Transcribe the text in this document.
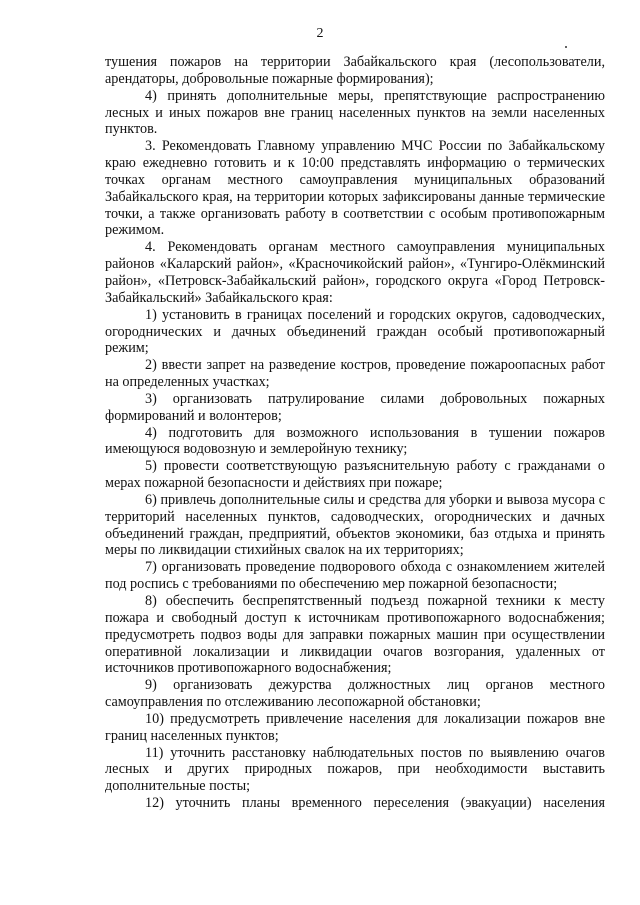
2

тушения пожаров на территории Забайкальского края (лесопользователи, арендаторы, добровольные пожарные формирования);

4) принять дополнительные меры, препятствующие распространению лесных и иных пожаров вне границ населенных пунктов на земли населенных пунктов.

3. Рекомендовать Главному управлению МЧС России по Забайкальскому краю ежедневно готовить и к 10:00 представлять информацию о термических точках органам местного самоуправления муниципальных образований Забайкальского края, на территории которых зафиксированы данные термические точки, а также организовать работу в соответствии с особым противопожарным режимом.

4. Рекомендовать органам местного самоуправления муниципальных районов «Каларский район», «Красночикойский район», «Тунгиро-Олёкминский район», «Петровск-Забайкальский район», городского округа «Город Петровск-Забайкальский» Забайкальского края:

1) установить в границах поселений и городских округов, садоводческих, огороднических и дачных объединений граждан особый противопожарный режим;

2) ввести запрет на разведение костров, проведение пожароопасных работ на определенных участках;

3) организовать патрулирование силами добровольных пожарных формирований и волонтеров;

4) подготовить для возможного использования в тушении пожаров имеющуюся водовозную и землеройную технику;

5) провести соответствующую разъяснительную работу с гражданами о мерах пожарной безопасности и действиях при пожаре;

6) привлечь дополнительные силы и средства для уборки и вывоза мусора с территорий населенных пунктов, садоводческих, огороднических и дачных объединений граждан, предприятий, объектов экономики, баз отдыха и принять меры по ликвидации стихийных свалок на их территориях;

7) организовать проведение подворового обхода с ознакомлением жителей под роспись с требованиями по обеспечению мер пожарной безопасности;

8) обеспечить беспрепятственный подъезд пожарной техники к месту пожара и свободный доступ к источникам противопожарного водоснабжения; предусмотреть подвоз воды для заправки пожарных машин при осуществлении оперативной локализации и ликвидации очагов возгорания, удаленных от источников противопожарного водоснабжения;

9) организовать дежурства должностных лиц органов местного самоуправления по отслеживанию лесопожарной обстановки;

10) предусмотреть привлечение населения для локализации пожаров вне границ населенных пунктов;

11) уточнить расстановку наблюдательных постов по выявлению очагов лесных и других природных пожаров, при необходимости выставить дополнительные посты;

12) уточнить планы временного переселения (эвакуации) населения
